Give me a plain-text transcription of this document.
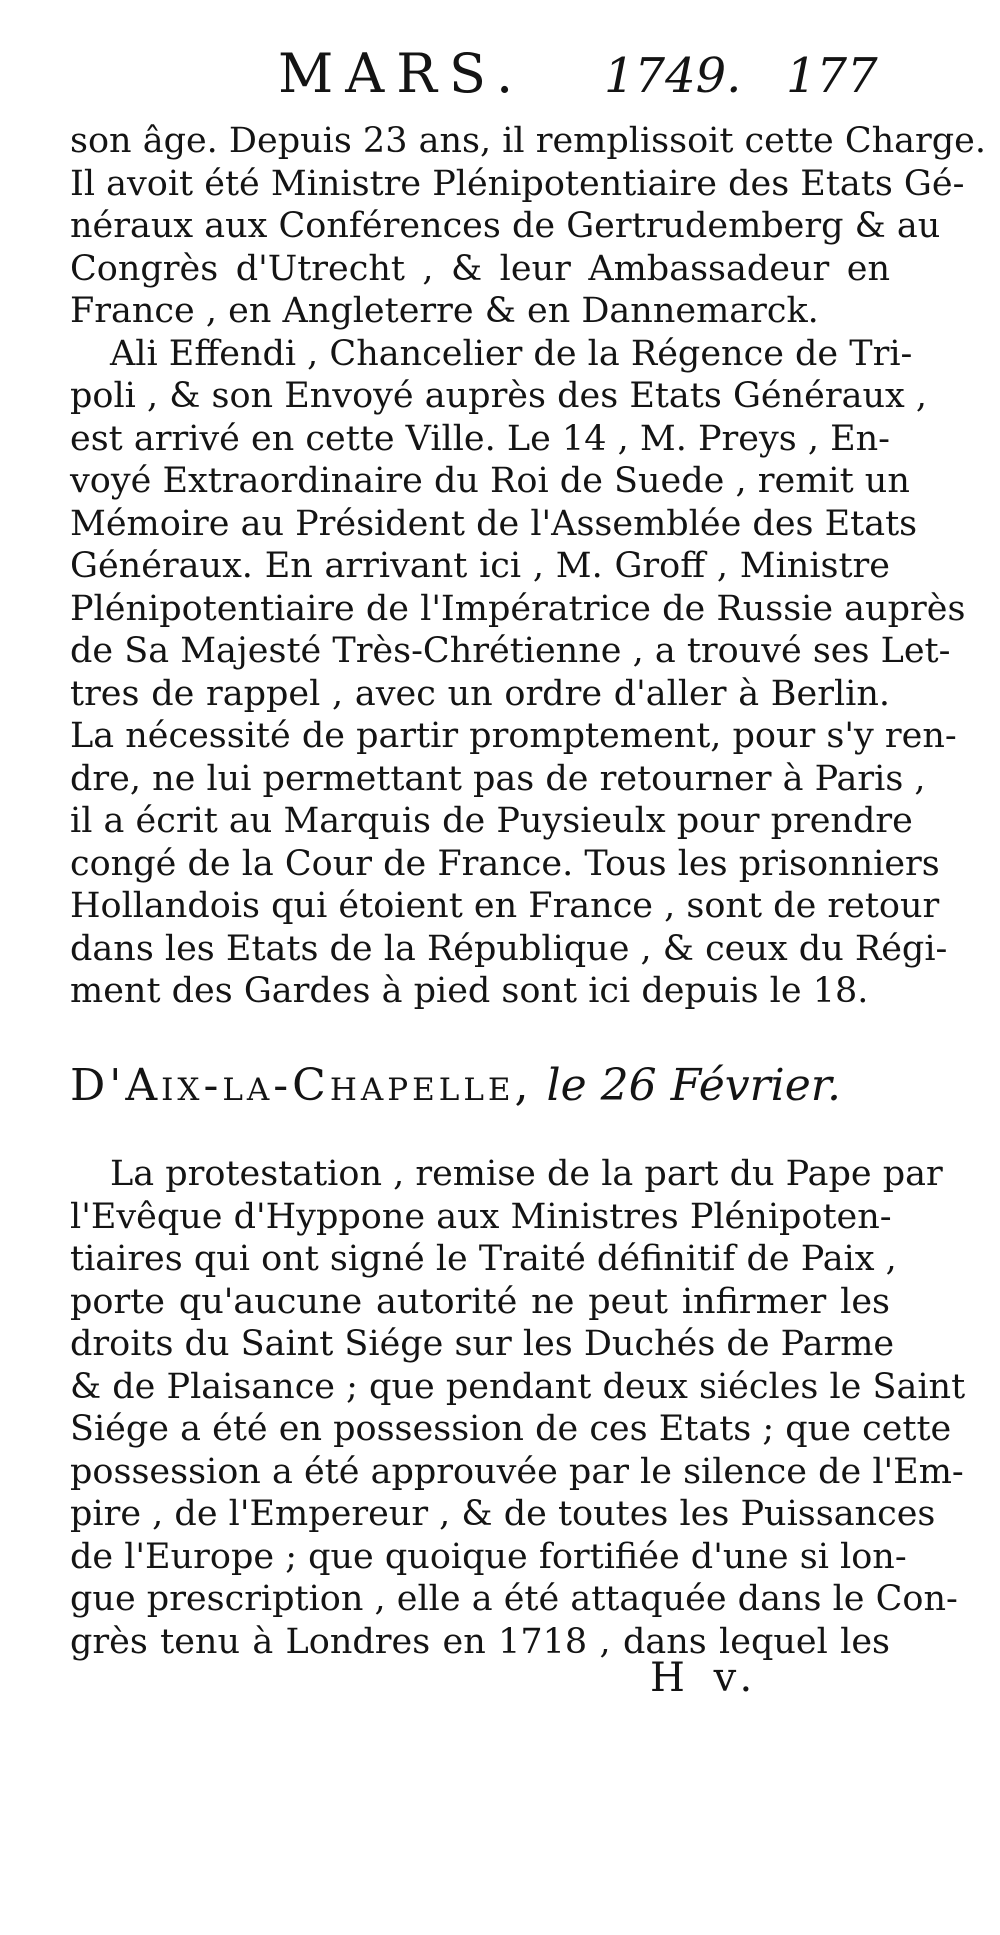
MARS. 1749. 177
son âge. Depuis 23 ans, il remplissoit cette Charge.
Il avoit été Ministre Plénipotentiaire des Etats Gé-
néraux aux Conférences de Gertrudemberg & au
Congrès d'Utrecht , & leur Ambassadeur en
France , en Angleterre & en Dannemarck.
Ali Effendi , Chancelier de la Régence de Tri-
poli , & son Envoyé auprès des Etats Généraux ,
est arrivé en cette Ville. Le 14 , M. Preys , En-
voyé Extraordinaire du Roi de Suede , remit un
Mémoire au Président de l'Assemblée des Etats
Généraux. En arrivant ici , M. Groff , Ministre
Plénipotentiaire de l'Impératrice de Russie auprès
de Sa Majesté Très-Chrétienne , a trouvé ses Let-
tres de rappel , avec un ordre d'aller à Berlin.
La nécessité de partir promptement, pour s'y ren-
dre, ne lui permettant pas de retourner à Paris ,
il a écrit au Marquis de Puysieulx pour prendre
congé de la Cour de France. Tous les prisonniers
Hollandois qui étoient en France , sont de retour
dans les Etats de la République , & ceux du Régi-
ment des Gardes à pied sont ici depuis le 18.
D'Aix-la-Chapelle, le 26 Février.
La protestation , remise de la part du Pape par
l'Evêque d'Hyppone aux Ministres Plénipoten-
tiaires qui ont signé le Traité définitif de Paix ,
porte qu'aucune autorité ne peut infirmer les
droits du Saint Siége sur les Duchés de Parme
& de Plaisance ; que pendant deux siécles le Saint
Siége a été en possession de ces Etats ; que cette
possession a été approuvée par le silence de l'Em-
pire , de l'Empereur , & de toutes les Puissances
de l'Europe ; que quoique fortifiée d'une si lon-
gue prescription , elle a été attaquée dans le Con-
grès tenu à Londres en 1718 , dans lequel les
H v.
